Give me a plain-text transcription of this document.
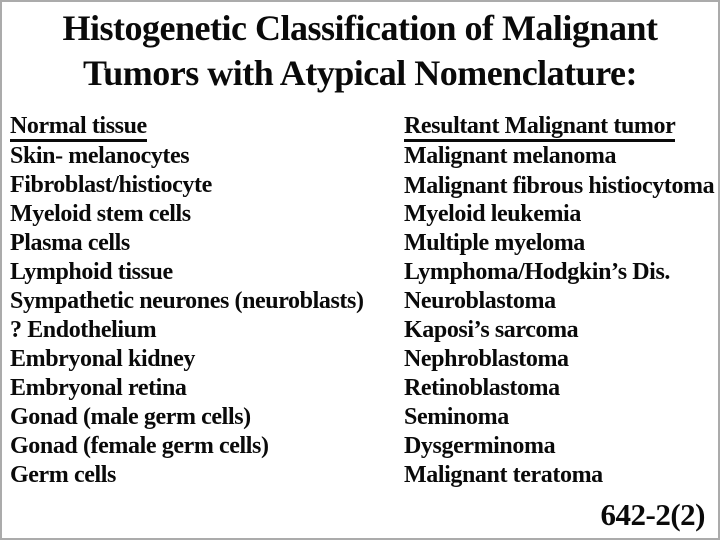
Histogenetic Classification of Malignant
Tumors with Atypical Nomenclature:
Normal tissue	Resultant Malignant tumor
Skin- melanocytes	Malignant melanoma
Fibroblast/histiocyte	Malignant fibrous histiocytoma
Myeloid stem cells	Myeloid leukemia
Plasma cells	Multiple myeloma
Lymphoid tissue	Lymphoma/Hodgkin’s Dis.
Sympathetic neurones (neuroblasts)	Neuroblastoma
? Endothelium	Kaposi’s sarcoma
Embryonal kidney	Nephroblastoma
Embryonal retina	Retinoblastoma
Gonad (male germ cells)	Seminoma
Gonad (female germ cells)	Dysgerminoma
Germ cells	Malignant teratoma
642-2(2)
